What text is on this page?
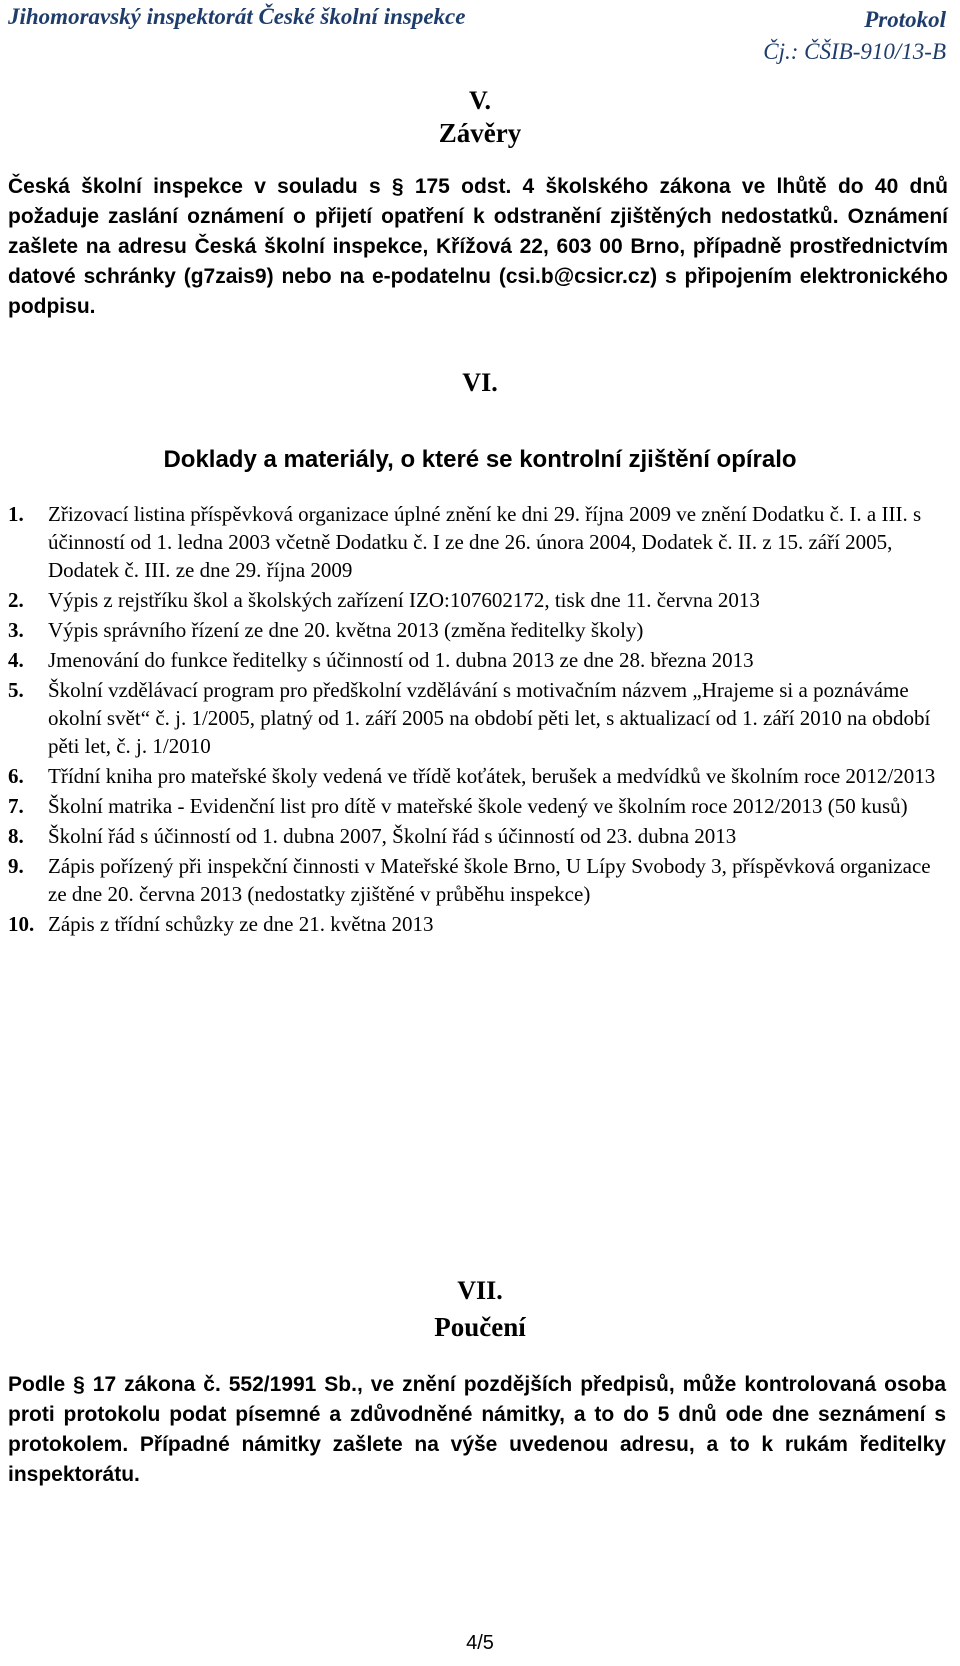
Jihomoravský inspektorát České školní inspekce	Protokol
Čj.: ČŠIB-910/13-B
V.
Závěry
Česká školní inspekce v souladu s § 175 odst. 4 školského zákona ve lhůtě do 40 dnů požaduje zaslání oznámení o přijetí opatření k odstranění zjištěných nedostatků. Oznámení zašlete na adresu Česká školní inspekce, Křížová 22, 603 00 Brno, případně prostřednictvím datové schránky (g7zais9) nebo na e-podatelnu (csi.b@csicr.cz) s připojením elektronického podpisu.
VI.
Doklady a materiály, o které se kontrolní zjištění opíralo
1. Zřizovací listina příspěvková organizace úplné znění ke dni 29. října 2009 ve znění Dodatku č. I. a III. s účinností od 1. ledna 2003 včetně Dodatku č. I ze dne 26. února 2004, Dodatek č. II. z 15. září 2005, Dodatek č. III. ze dne 29. října 2009
2. Výpis z rejstříku škol a školských zařízení IZO:107602172, tisk dne 11. června 2013
3. Výpis správního řízení ze dne 20. května 2013 (změna ředitelky školy)
4. Jmenování do funkce ředitelky s účinností od 1. dubna 2013 ze dne 28. března 2013
5. Školní vzdělávací program pro předškolní vzdělávání s motivačním názvem „Hrajeme si a poznáváme okolní svět“ č. j. 1/2005, platný od 1. září 2005 na období pěti let, s aktualizací od 1. září 2010 na období pěti let, č. j. 1/2010
6. Třídní kniha pro mateřské školy vedená ve třídě koťátek, berušek a medvídků ve školním roce 2012/2013
7. Školní matrika - Evidenční list pro dítě v mateřské škole vedený ve školním roce 2012/2013 (50 kusů)
8. Školní řád s účinností od 1. dubna 2007, Školní řád s účinností od 23. dubna 2013
9. Zápis pořízený při inspekční činnosti v Mateřské škole Brno, U Lípy Svobody 3, příspěvková organizace ze dne 20. června 2013 (nedostatky zjištěné v průběhu inspekce)
10. Zápis z třídní schůzky ze dne 21. května 2013
VII.
Poučení
Podle § 17 zákona č. 552/1991 Sb., ve znění pozdějších předpisů, může kontrolovaná osoba proti protokolu podat písemné a zdůvodněné námitky, a to do 5 dnů ode dne seznámení s protokolem. Případné námitky zašlete na výše uvedenou adresu, a to k rukám ředitelky inspektorátu.
4/5
